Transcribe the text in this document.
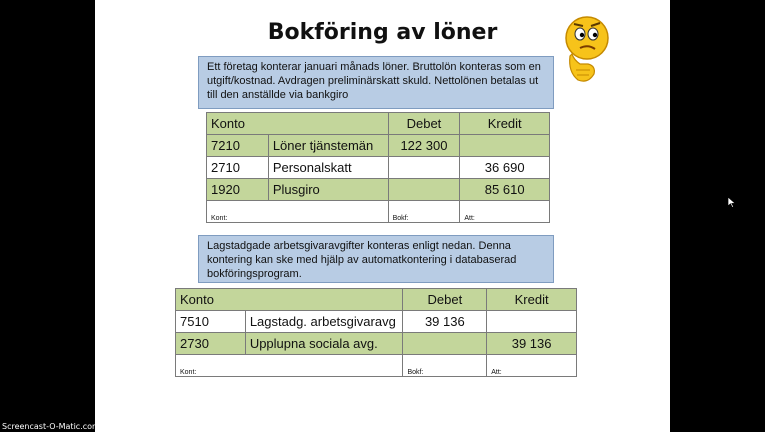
Bokföring av löner
Ett företag konterar januari månads löner. Bruttolön konteras som en utgift/kostnad. Avdragen preliminärskatt skuld. Nettolönen betalas ut till den anställde via bankgiro
Konto		Debet	Kredit
7210	Löner tjänstemän	122 300	
2710	Personalskatt		36 690
1920	Plusgiro		85 610
Kont:		Bokf:	Att:
Lagstadgade arbetsgivaravgifter konteras enligt nedan. Denna kontering kan ske med hjälp av automatkontering i databaserad bokföringsprogram.
Konto		Debet	Kredit
7510	Lagstadg. arbetsgivaravg	39 136	
2730	Upplupna sociala avg.		39 136
Kont:		Bokf:	Att:
Screencast-O-Matic.com
